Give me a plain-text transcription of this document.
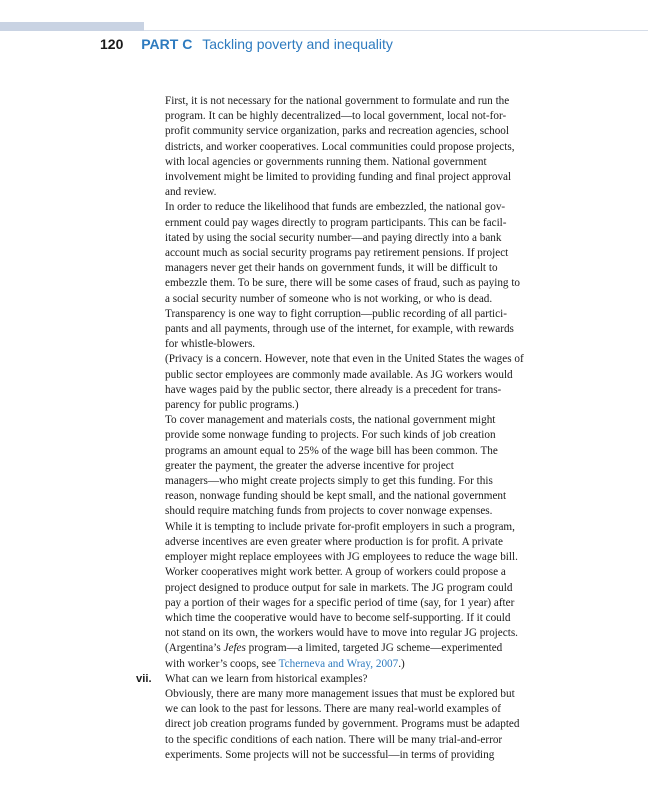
120 PART C Tackling poverty and inequality

First, it is not necessary for the national government to formulate and run the
program. It can be highly decentralized—to local government, local not-for-
profit community service organization, parks and recreation agencies, school
districts, and worker cooperatives. Local communities could propose projects,
with local agencies or governments running them. National government
involvement might be limited to providing funding and final project approval
and review.

In order to reduce the likelihood that funds are embezzled, the national gov-
ernment could pay wages directly to program participants. This can be facil-
itated by using the social security number—and paying directly into a bank
account much as social security programs pay retirement pensions. If project
managers never get their hands on government funds, it will be difficult to
embezzle them. To be sure, there will be some cases of fraud, such as paying to
a social security number of someone who is not working, or who is dead.
Transparency is one way to fight corruption—public recording of all partici-
pants and all payments, through use of the internet, for example, with rewards
for whistle-blowers.

(Privacy is a concern. However, note that even in the United States the wages of
public sector employees are commonly made available. As JG workers would
have wages paid by the public sector, there already is a precedent for trans-
parency for public programs.)

To cover management and materials costs, the national government might
provide some nonwage funding to projects. For such kinds of job creation
programs an amount equal to 25% of the wage bill has been common. The
greater the payment, the greater the adverse incentive for project
managers—who might create projects simply to get this funding. For this
reason, nonwage funding should be kept small, and the national government
should require matching funds from projects to cover nonwage expenses.

While it is tempting to include private for-profit employers in such a program,
adverse incentives are even greater where production is for profit. A private
employer might replace employees with JG employees to reduce the wage bill.
Worker cooperatives might work better. A group of workers could propose a
project designed to produce output for sale in markets. The JG program could
pay a portion of their wages for a specific period of time (say, for 1 year) after
which time the cooperative would have to become self-supporting. If it could
not stand on its own, the workers would have to move into regular JG projects.
(Argentina’s Jefes program—a limited, targeted JG scheme—experimented
with worker’s coops, see Tcherneva and Wray, 2007.)

vii. What can we learn from historical examples?

Obviously, there are many more management issues that must be explored but
we can look to the past for lessons. There are many real-world examples of
direct job creation programs funded by government. Programs must be adapted
to the specific conditions of each nation. There will be many trial-and-error
experiments. Some projects will not be successful—in terms of providing
